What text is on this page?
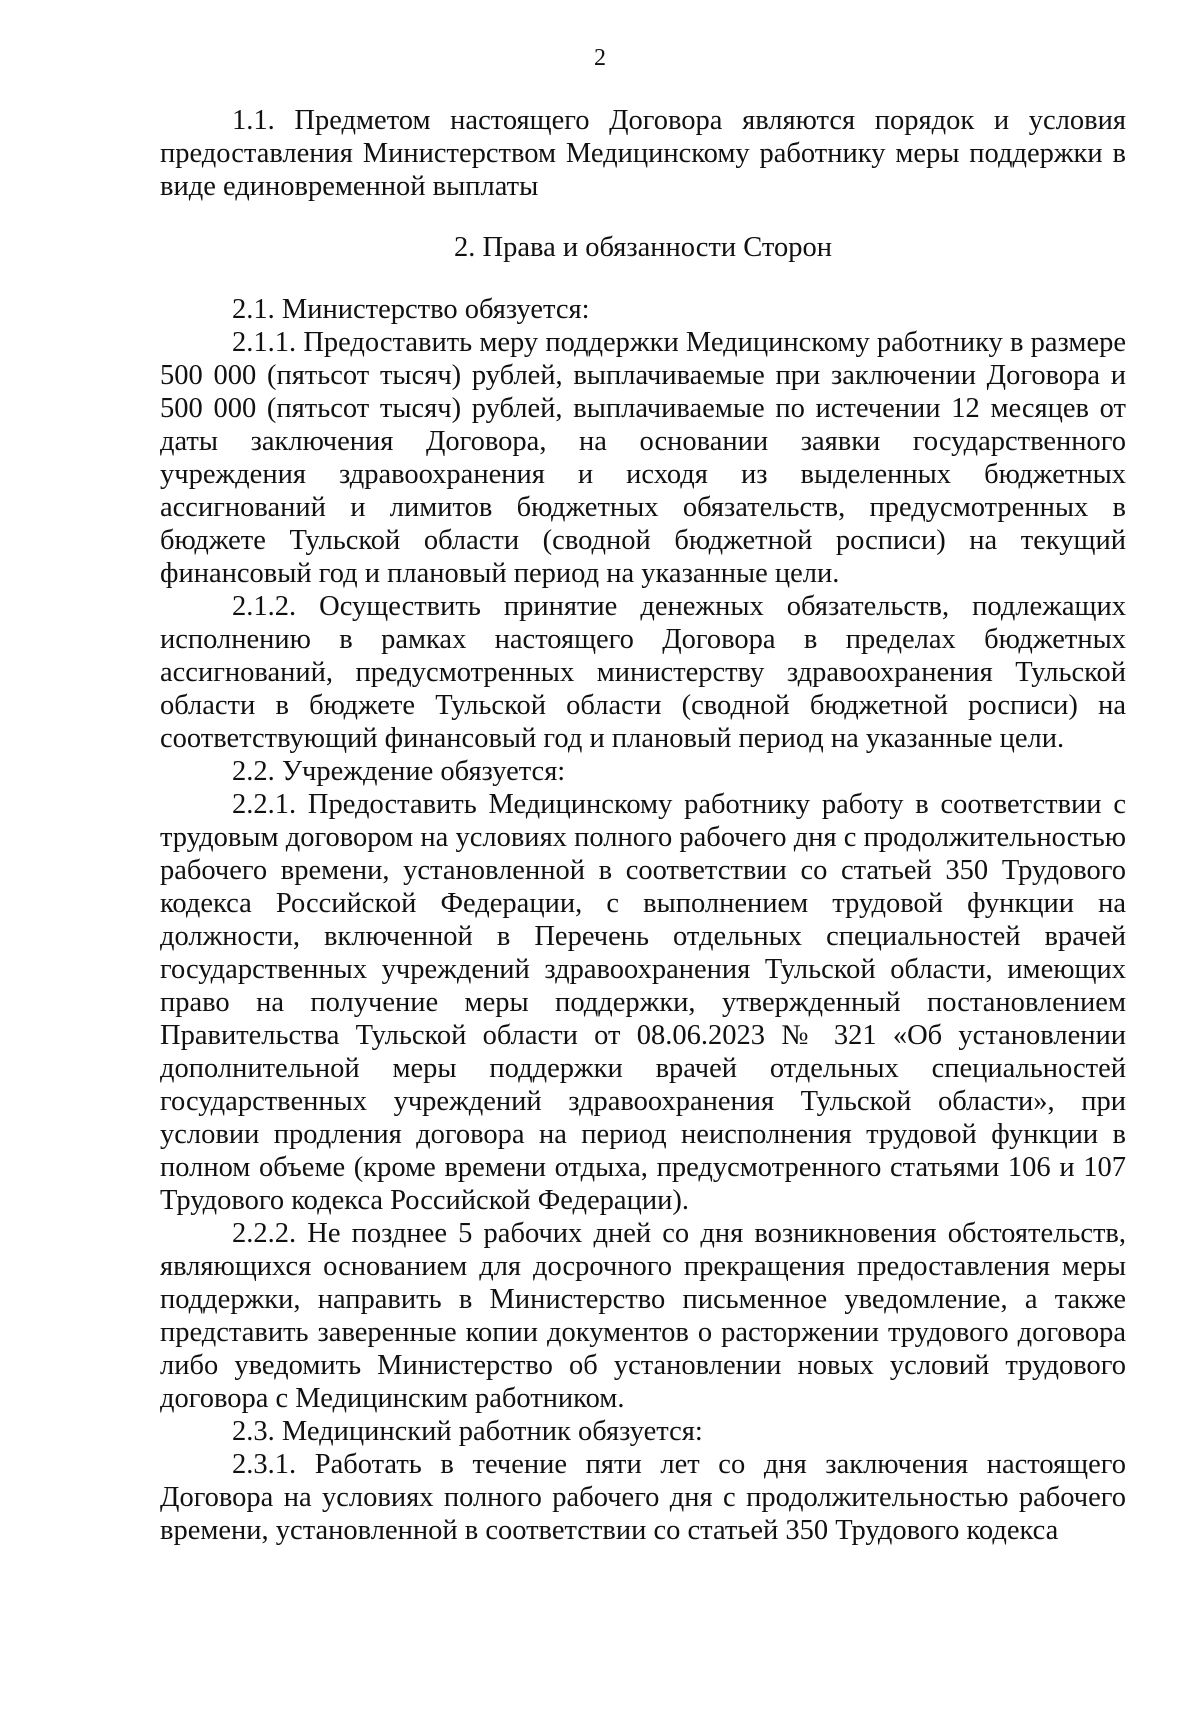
2

1.1. Предметом настоящего Договора являются порядок и условия предоставления Министерством Медицинскому работнику меры поддержки в виде единовременной выплаты

2. Права и обязанности Сторон

2.1. Министерство обязуется:

2.1.1. Предоставить меру поддержки Медицинскому работнику в размере 500 000 (пятьсот тысяч) рублей, выплачиваемые при заключении Договора и 500 000 (пятьсот тысяч) рублей, выплачиваемые по истечении 12 месяцев от даты заключения Договора, на основании заявки государственного учреждения здравоохранения и исходя из выделенных бюджетных ассигнований и лимитов бюджетных обязательств, предусмотренных в бюджете Тульской области (сводной бюджетной росписи) на текущий финансовый год и плановый период на указанные цели.

2.1.2. Осуществить принятие денежных обязательств, подлежащих исполнению в рамках настоящего Договора в пределах бюджетных ассигнований, предусмотренных министерству здравоохранения Тульской области в бюджете Тульской области (сводной бюджетной росписи) на соответствующий финансовый год и плановый период на указанные цели.

2.2. Учреждение обязуется:

2.2.1. Предоставить Медицинскому работнику работу в соответствии с трудовым договором на условиях полного рабочего дня с продолжительностью рабочего времени, установленной в соответствии со статьей 350 Трудового кодекса Российской Федерации, с выполнением трудовой функции на должности, включенной в Перечень отдельных специальностей врачей государственных учреждений здравоохранения Тульской области, имеющих право на получение меры поддержки, утвержденный постановлением Правительства Тульской области от 08.06.2023 № 321 «Об установлении дополнительной меры поддержки врачей отдельных специальностей государственных учреждений здравоохранения Тульской области», при условии продления договора на период неисполнения трудовой функции в полном объеме (кроме времени отдыха, предусмотренного статьями 106 и 107 Трудового кодекса Российской Федерации).

2.2.2. Не позднее 5 рабочих дней со дня возникновения обстоятельств, являющихся основанием для досрочного прекращения предоставления меры поддержки, направить в Министерство письменное уведомление, а также представить заверенные копии документов о расторжении трудового договора либо уведомить Министерство об установлении новых условий трудового договора с Медицинским работником.

2.3. Медицинский работник обязуется:

2.3.1. Работать в течение пяти лет со дня заключения настоящего Договора на условиях полного рабочего дня с продолжительностью рабочего времени, установленной в соответствии со статьей 350 Трудового кодекса
